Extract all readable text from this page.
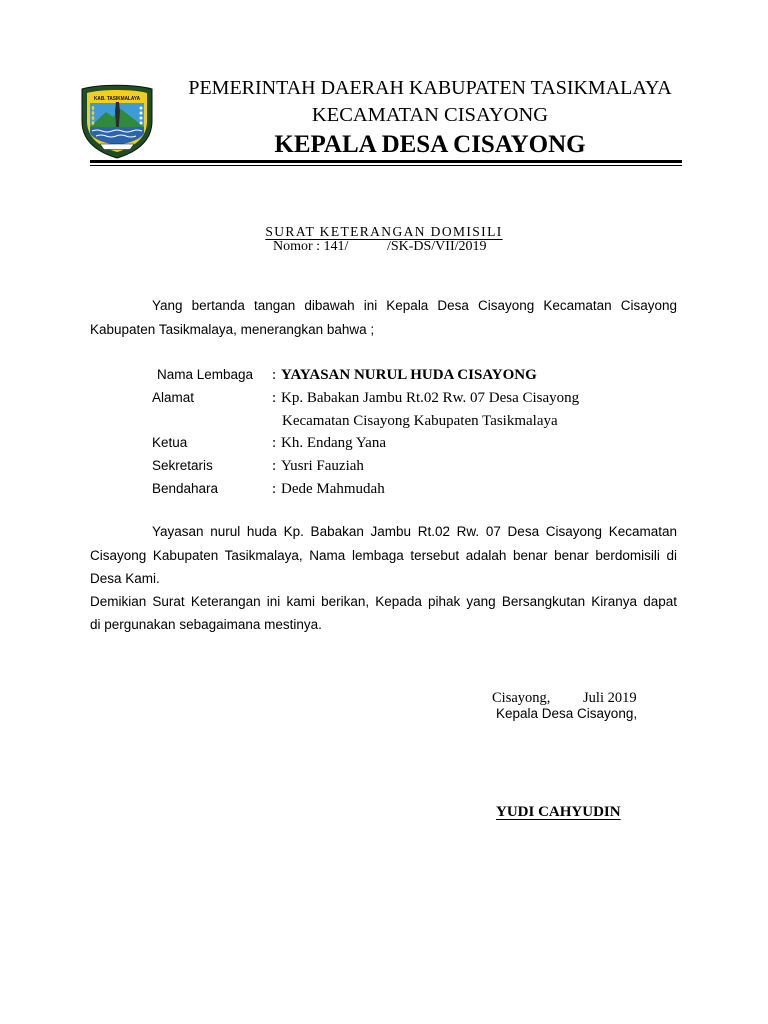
KAB. TASIKMALAYA	PEMERINTAH DAERAH KABUPATEN TASIKMALAYA
KECAMATAN CISAYONG
KEPALA DESA CISAYONG
SURAT KETERANGAN DOMISILI
Nomor : 141/           /SK-DS/VII/2019
Yang bertanda tangan dibawah ini Kepala Desa Cisayong Kecamatan Cisayong
Kabupaten Tasikmalaya, menerangkan bahwa ;
Nama Lembaga : YAYASAN NURUL HUDA CISAYONG
Alamat	: Kp. Babakan Jambu Rt.02 Rw. 07 Desa Cisayong
Kecamatan Cisayong Kabupaten Tasikmalaya
Ketua	: Kh. Endang Yana
Sekretaris	: Yusri Fauziah
Bendahara	: Dede Mahmudah
Yayasan nurul huda Kp. Babakan Jambu Rt.02 Rw. 07 Desa Cisayong Kecamatan
Cisayong Kabupaten Tasikmalaya, Nama lembaga tersebut adalah benar benar berdomisili di
Desa Kami.
Demikian Surat Keterangan ini kami berikan, Kepada pihak yang Bersangkutan Kiranya dapat
di pergunakan sebagaimana mestinya.
Cisayong,         Juli 2019
Kepala Desa Cisayong,
YUDI CAHYUDIN
